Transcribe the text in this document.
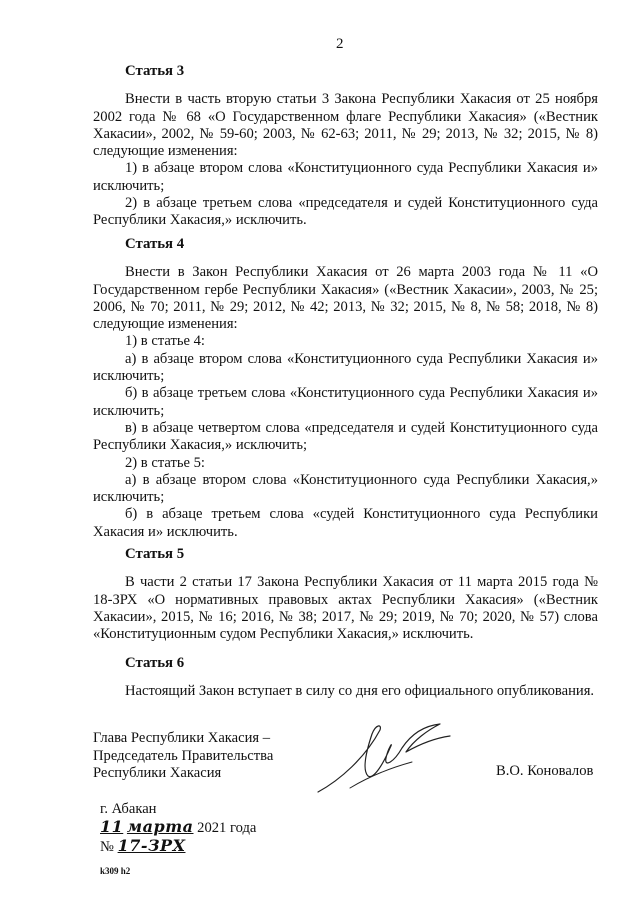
2
Статья 3

Внести в часть вторую статьи 3 Закона Республики Хакасия от 25 ноября 2002 года № 68 «О Государственном флаге Республики Хакасия» («Вестник Хакасии», 2002, № 59-60; 2003, № 62-63; 2011, № 29; 2013, № 32; 2015, № 8) следующие изменения:

1) в абзаце втором слова «Конституционного суда Республики Хакасия и» исключить;

2) в абзаце третьем слова «председателя и судей Конституционного суда Республики Хакасия,» исключить.

Статья 4

Внести в Закон Республики Хакасия от 26 марта 2003 года № 11 «О Государственном гербе Республики Хакасия» («Вестник Хакасии», 2003, № 25; 2006, № 70; 2011, № 29; 2012, № 42; 2013, № 32; 2015, № 8, № 58; 2018, № 8) следующие изменения:

1) в статье 4:

а) в абзаце втором слова «Конституционного суда Республики Хакасия и» исключить;

б) в абзаце третьем слова «Конституционного суда Республики Хакасия и» исключить;

в) в абзаце четвертом слова «председателя и судей Конституционного суда Республики Хакасия,» исключить;

2) в статье 5:

а) в абзаце втором слова «Конституционного суда Республики Хакасия,» исключить;

б) в абзаце третьем слова «судей Конституционного суда Республики Хакасия и» исключить.

Статья 5

В части 2 статьи 17 Закона Республики Хакасия от 11 марта 2015 года № 18-ЗРХ «О нормативных правовых актах Республики Хакасия» («Вестник Хакасии», 2015, № 16; 2016, № 38; 2017, № 29; 2019, № 70; 2020, № 57) слова «Конституционным судом Республики Хакасия,» исключить.

Статья 6

Настоящий Закон вступает в силу со дня его официального опубликования.

Глава Республики Хакасия –
Председатель Правительства
Республики Хакасия	В.О. Коновалов
г. Абакан
11 марта 2021 года
№ 17-ЗРХ
k309 h2
